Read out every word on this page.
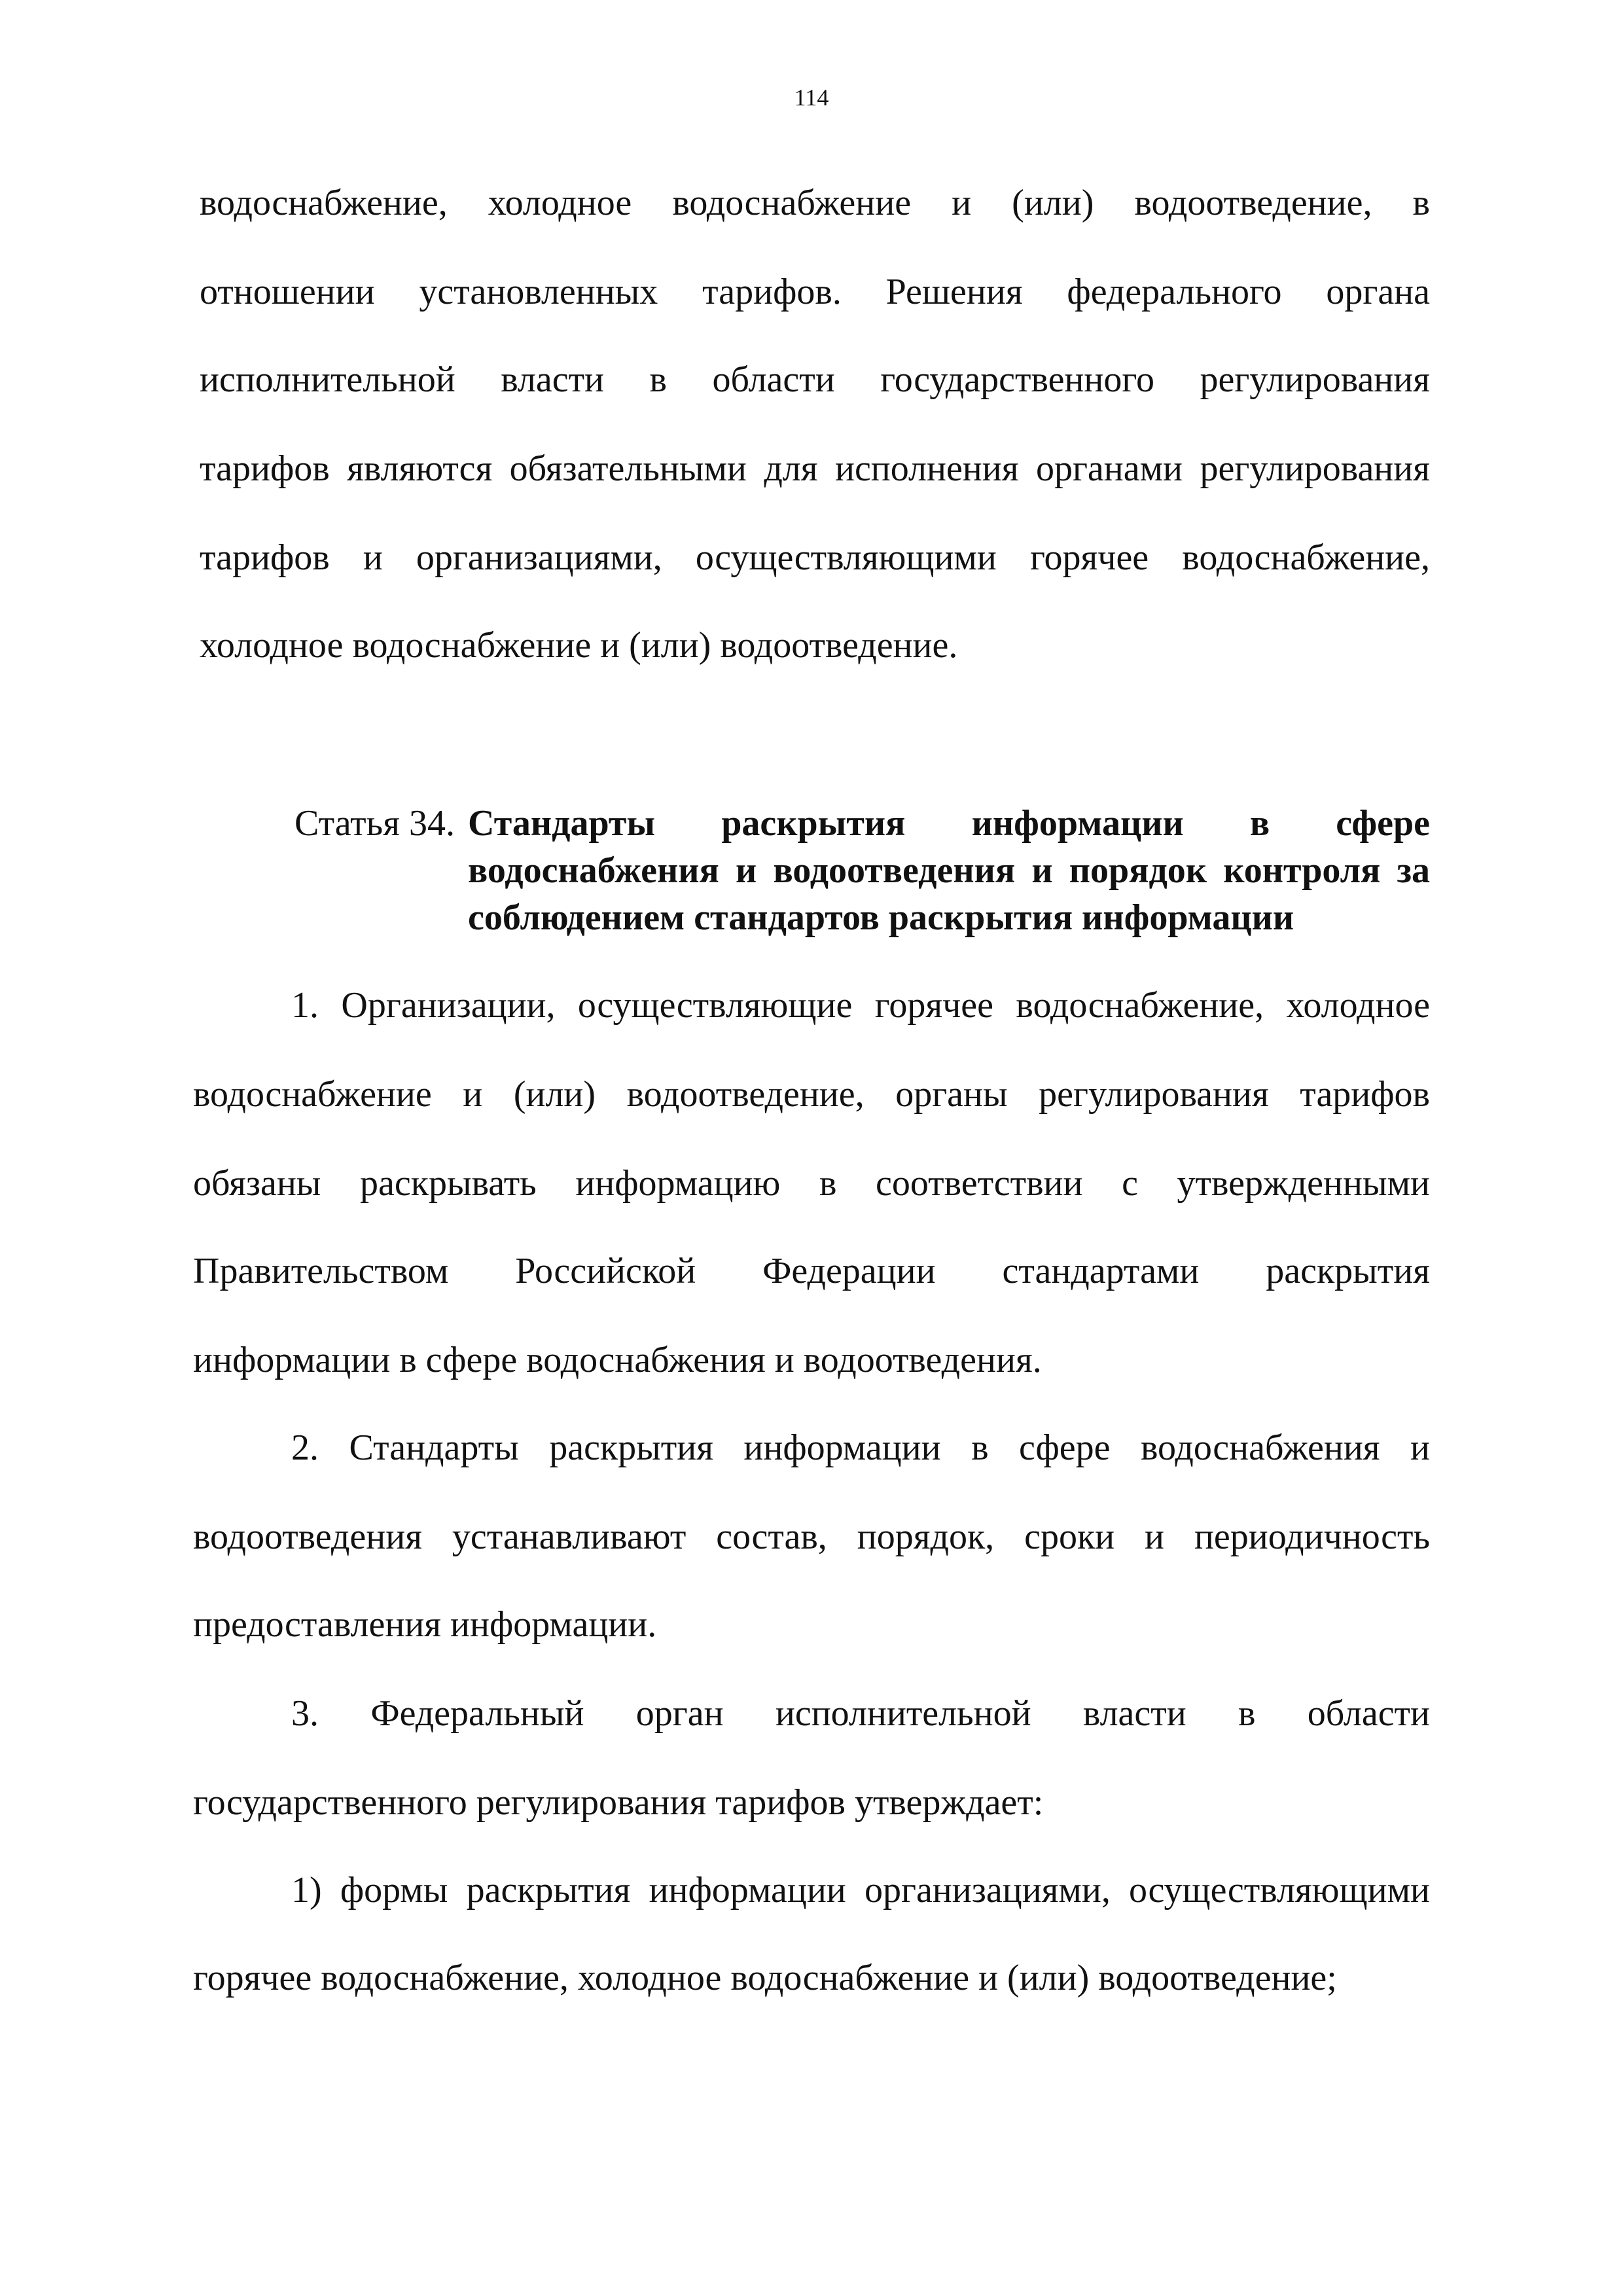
114
водоснабжение, холодное водоснабжение и (или) водоотведение, в
отношении установленных тарифов. Решения федерального органа
исполнительной власти в области государственного регулирования
тарифов являются обязательными для исполнения органами регулирования
тарифов и организациями, осуществляющими горячее водоснабжение,
холодное водоснабжение и (или) водоотведение.
Статья 34. Стандарты раскрытия информации в сфере
водоснабжения и водоотведения и порядок контроля за
соблюдением стандартов раскрытия информации
1. Организации, осуществляющие горячее водоснабжение, холодное
водоснабжение и (или) водоотведение, органы регулирования тарифов
обязаны раскрывать информацию в соответствии с утвержденными
Правительством Российской Федерации стандартами раскрытия
информации в сфере водоснабжения и водоотведения.
2. Стандарты раскрытия информации в сфере водоснабжения и
водоотведения устанавливают состав, порядок, сроки и периодичность
предоставления информации.
3. Федеральный орган исполнительной власти в области
государственного регулирования тарифов утверждает:
1) формы раскрытия информации организациями, осуществляющими
горячее водоснабжение, холодное водоснабжение и (или) водоотведение;
